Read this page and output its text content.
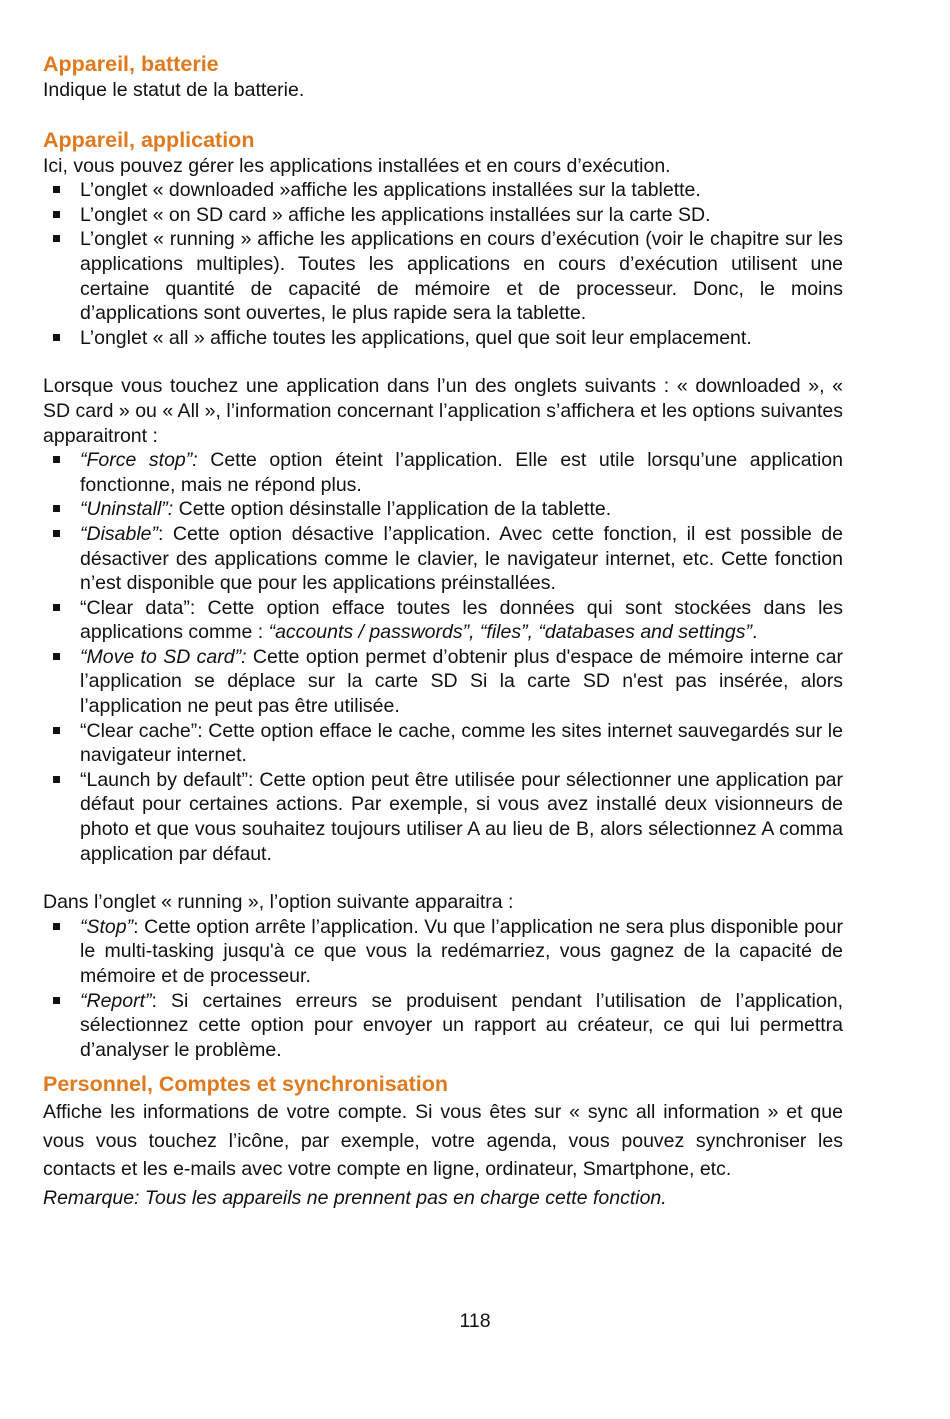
Appareil, batterie

Indique le statut de la batterie.

Appareil, application

Ici, vous pouvez gérer les applications installées et en cours d’exécution.

L’onglet « downloaded »affiche les applications installées sur la tablette.
L’onglet « on SD card » affiche les applications installées sur la carte SD.
L’onglet « running » affiche les applications en cours d’exécution (voir le chapitre sur les applications multiples). Toutes les applications en cours d’exécution utilisent une certaine quantité de capacité de mémoire et de processeur. Donc, le moins d’applications sont ouvertes, le plus rapide sera la tablette.
L’onglet « all » affiche toutes les applications, quel que soit leur emplacement.

Lorsque vous touchez une application dans l’un des onglets suivants : « downloaded », « SD card » ou « All », l’information concernant l’application s’affichera et les options suivantes apparaitront :

“Force stop”: Cette option éteint l’application. Elle est utile lorsqu’une application fonctionne, mais ne répond plus.
“Uninstall”: Cette option désinstalle l’application de la tablette.
“Disable”: Cette option désactive l’application. Avec cette fonction, il est possible de désactiver des applications comme le clavier, le navigateur internet, etc. Cette fonction n’est disponible que pour les applications préinstallées.
“Clear data”: Cette option efface toutes les données qui sont stockées dans les applications comme : “accounts / passwords”, “files”, “databases and settings”.
“Move to SD card”: Cette option permet d’obtenir plus d'espace de mémoire interne car l’application se déplace sur la carte SD Si la carte SD n'est pas insérée, alors l’application ne peut pas être utilisée.
“Clear cache”: Cette option efface le cache, comme les sites internet sauvegardés sur le navigateur internet.
“Launch by default”: Cette option peut être utilisée pour sélectionner une application par défaut pour certaines actions. Par exemple, si vous avez installé deux visionneurs de photo et que vous souhaitez toujours utiliser A au lieu de B, alors sélectionnez A comma application par défaut.

Dans l’onglet « running », l’option suivante apparaitra :

“Stop”: Cette option arrête l’application. Vu que l’application ne sera plus disponible pour le multi-tasking jusqu'à ce que vous la redémarriez, vous gagnez de la capacité de mémoire et de processeur.
“Report”: Si certaines erreurs se produisent pendant l’utilisation de l’application, sélectionnez cette option pour envoyer un rapport au créateur, ce qui lui permettra d’analyser le problème.
Personnel, Comptes et synchronisation

Affiche les informations de votre compte. Si vous êtes sur « sync all information » et que vous vous touchez l’icône, par exemple, votre agenda, vous pouvez synchroniser les contacts et les e-mails avec votre compte en ligne, ordinateur, Smartphone, etc.

Remarque: Tous les appareils ne prennent pas en charge cette fonction.

118
